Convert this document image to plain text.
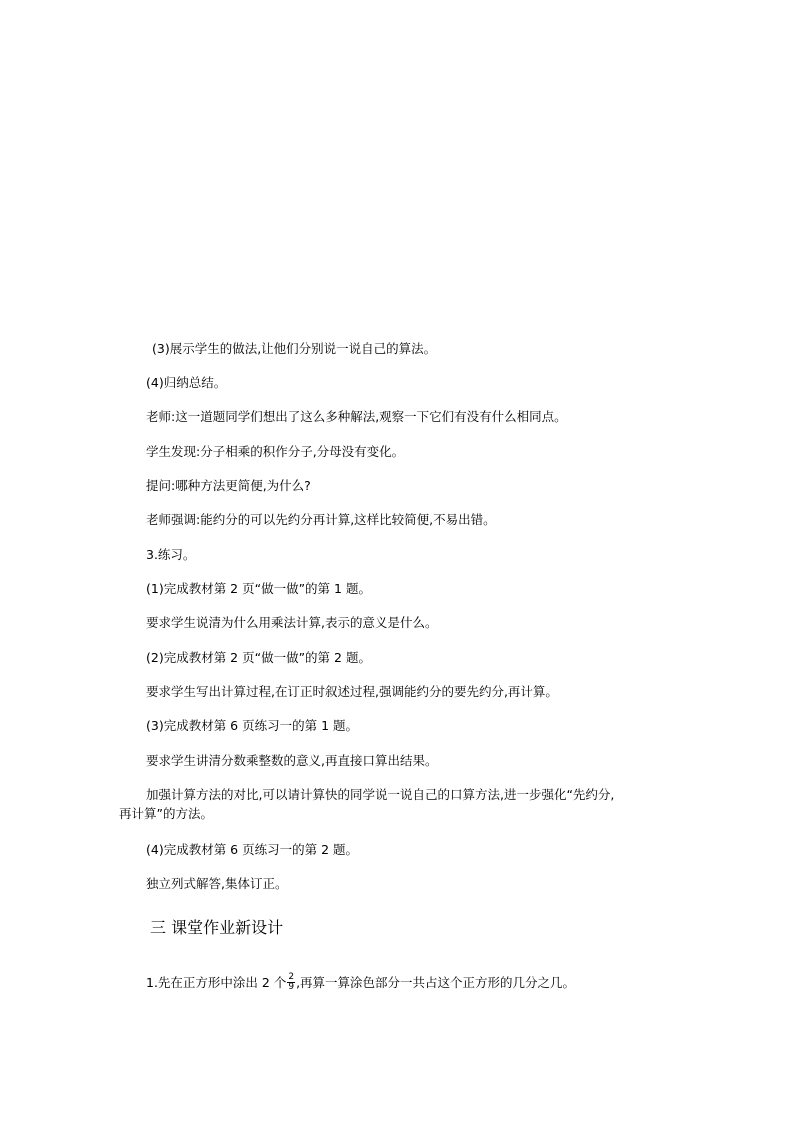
(3)展示学生的做法,让他们分别说一说自己的算法。
(4)归纳总结。
老师:这一道题同学们想出了这么多种解法,观察一下它们有没有什么相同点。
学生发现:分子相乘的积作分子,分母没有变化。
提问:哪种方法更简便,为什么?
老师强调:能约分的可以先约分再计算,这样比较简便,不易出错。
3.练习。
(1)完成教材第 2 页“做一做”的第 1 题。
要求学生说清为什么用乘法计算,表示的意义是什么。
(2)完成教材第 2 页“做一做”的第 2 题。
要求学生写出计算过程,在订正时叙述过程,强调能约分的要先约分,再计算。
(3)完成教材第 6 页练习一的第 1 题。
要求学生讲清分数乘整数的意义,再直接口算出结果。
加强计算方法的对比,可以请计算快的同学说一说自己的口算方法,进一步强化“先约分,
再计算”的方法。
(4)完成教材第 6 页练习一的第 2 题。
独立列式解答,集体订正。
三 课堂作业新设计
1.先在正方形中涂出 2 个 $\frac{2}{9}$ ,再算一算涂色部分一共占这个正方形的几分之几。
